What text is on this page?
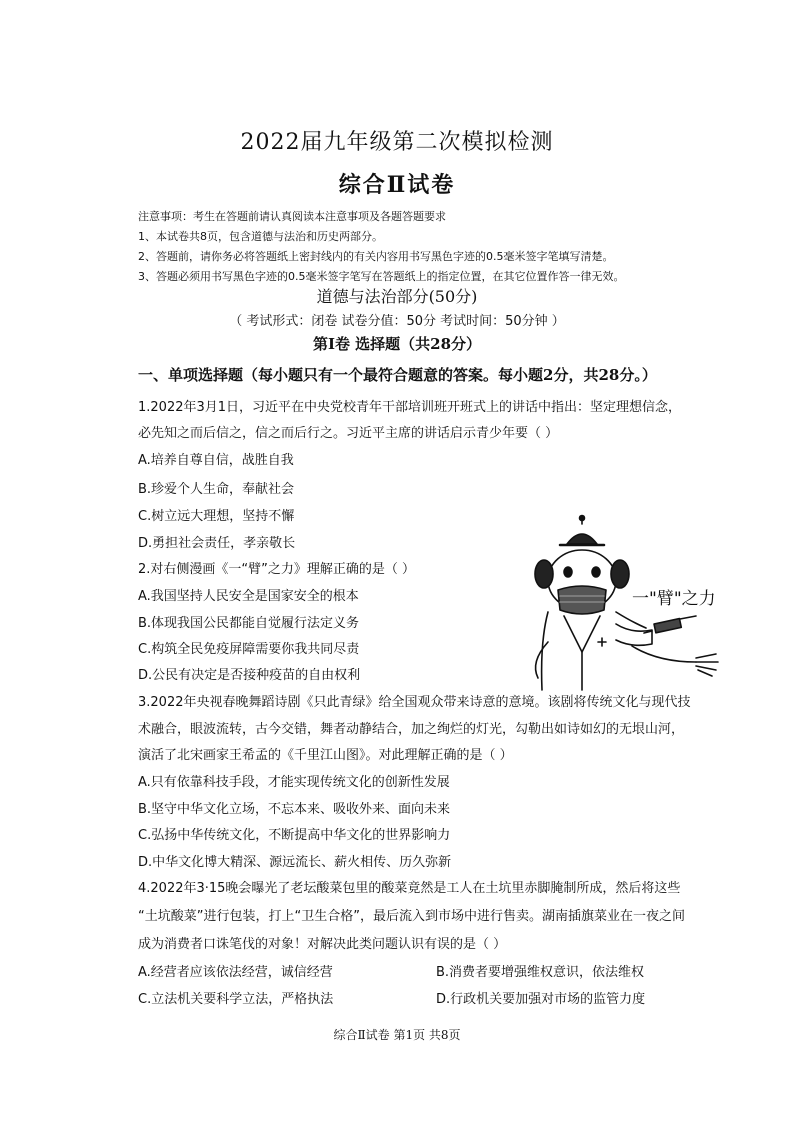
2022届九年级第二次模拟检测
综合Ⅱ试卷
注意事项：考生在答题前请认真阅读本注意事项及各题答题要求
1、本试卷共8页，包含道德与法治和历史两部分。
2、答题前，请你务必将答题纸上密封线内的有关内容用书写黑色字迹的0.5毫米签字笔填写清楚。
3、答题必须用书写黑色字迹的0.5毫米签字笔写在答题纸上的指定位置，在其它位置作答一律无效。
道德与法治部分(50分)
（ 考试形式：闭卷 试卷分值：50分 考试时间：50分钟 ）
第Ⅰ卷 选择题（共28分）
一、单项选择题（每小题只有一个最符合题意的答案。每小题2分，共28分。）
1.2022年3月1日，习近平在中央党校青年干部培训班开班式上的讲话中指出：坚定理想信念，
必先知之而后信之，信之而后行之。习近平主席的讲话启示青少年要（ ）
A.培养自尊自信，战胜自我
B.珍爱个人生命，奉献社会
C.树立远大理想，坚持不懈
D.勇担社会责任，孝亲敬长
2.对右侧漫画《一“臂”之力》理解正确的是（ ）
A.我国坚持人民安全是国家安全的根本
B.体现我国公民都能自觉履行法定义务
C.构筑全民免疫屏障需要你我共同尽责
D.公民有决定是否接种疫苗的自由权利
一"臂"之力
3.2022年央视春晚舞蹈诗剧《只此青绿》给全国观众带来诗意的意境。该剧将传统文化与现代技
术融合，眼波流转，古今交错，舞者动静结合，加之绚烂的灯光，勾勒出如诗如幻的无垠山河，
演活了北宋画家王希孟的《千里江山图》。对此理解正确的是（ ）
A.只有依靠科技手段，才能实现传统文化的创新性发展
B.坚守中华文化立场，不忘本来、吸收外来、面向未来
C.弘扬中华传统文化，不断提高中华文化的世界影响力
D.中华文化博大精深、源远流长、薪火相传、历久弥新
4.2022年3·15晚会曝光了老坛酸菜包里的酸菜竟然是工人在土坑里赤脚腌制所成，然后将这些
“土坑酸菜”进行包装，打上“卫生合格”，最后流入到市场中进行售卖。湖南插旗菜业在一夜之间
成为消费者口诛笔伐的对象！对解决此类问题认识有误的是（ ）
A.经营者应该依法经营，诚信经营	B.消费者要增强维权意识，依法维权
C.立法机关要科学立法，严格执法	D.行政机关要加强对市场的监管力度
综合Ⅱ试卷 第1页 共8页
